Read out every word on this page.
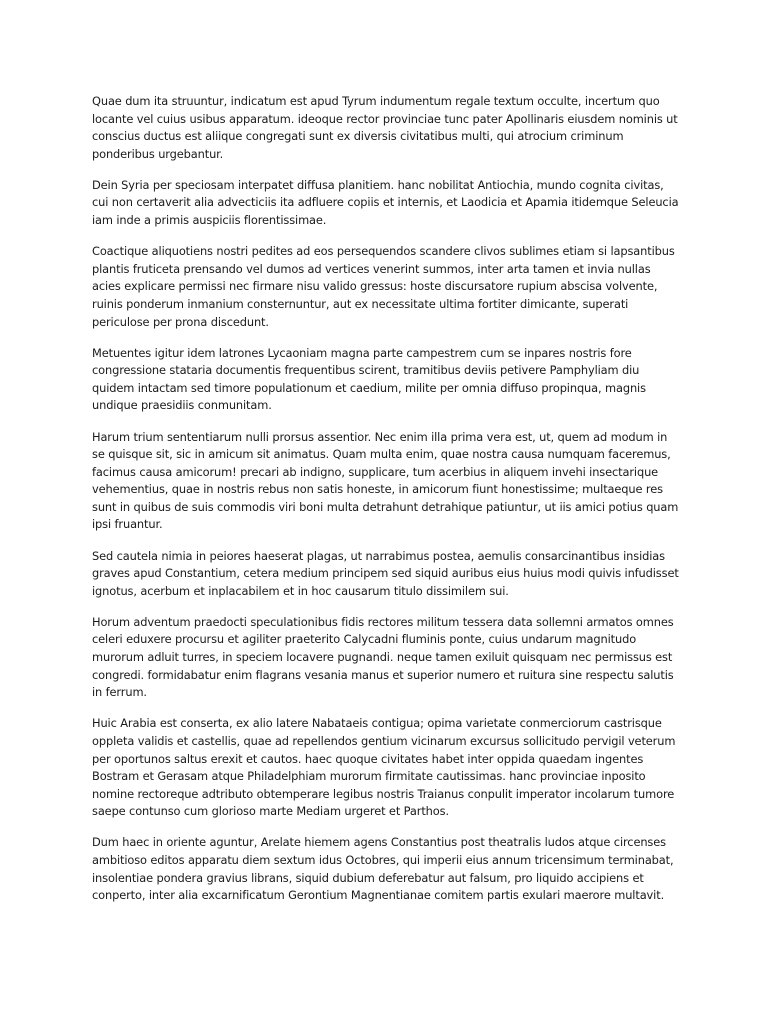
Quae dum ita struuntur, indicatum est apud Tyrum indumentum regale textum occulte, incertum quo locante vel cuius usibus apparatum. ideoque rector provinciae tunc pater Apollinaris eiusdem nominis ut conscius ductus est aliique congregati sunt ex diversis civitatibus multi, qui atrocium criminum ponderibus urgebantur.

Dein Syria per speciosam interpatet diffusa planitiem. hanc nobilitat Antiochia, mundo cognita civitas, cui non certaverit alia advecticiis ita adfluere copiis et internis, et Laodicia et Apamia itidemque Seleucia iam inde a primis auspiciis florentissimae.

Coactique aliquotiens nostri pedites ad eos persequendos scandere clivos sublimes etiam si lapsantibus plantis fruticeta prensando vel dumos ad vertices venerint summos, inter arta tamen et invia nullas acies explicare permissi nec firmare nisu valido gressus: hoste discursatore rupium abscisa volvente, ruinis ponderum inmanium consternuntur, aut ex necessitate ultima fortiter dimicante, superati periculose per prona discedunt.

Metuentes igitur idem latrones Lycaoniam magna parte campestrem cum se inpares nostris fore congressione stataria documentis frequentibus scirent, tramitibus deviis petivere Pamphyliam diu quidem intactam sed timore populationum et caedium, milite per omnia diffuso propinqua, magnis undique praesidiis conmunitam.

Harum trium sententiarum nulli prorsus assentior. Nec enim illa prima vera est, ut, quem ad modum in se quisque sit, sic in amicum sit animatus. Quam multa enim, quae nostra causa numquam faceremus, facimus causa amicorum! precari ab indigno, supplicare, tum acerbius in aliquem invehi insectarique vehementius, quae in nostris rebus non satis honeste, in amicorum fiunt honestissime; multaeque res sunt in quibus de suis commodis viri boni multa detrahunt detrahique patiuntur, ut iis amici potius quam ipsi fruantur.

Sed cautela nimia in peiores haeserat plagas, ut narrabimus postea, aemulis consarcinantibus insidias graves apud Constantium, cetera medium principem sed siquid auribus eius huius modi quivis infudisset ignotus, acerbum et inplacabilem et in hoc causarum titulo dissimilem sui.

Horum adventum praedocti speculationibus fidis rectores militum tessera data sollemni armatos omnes celeri eduxere procursu et agiliter praeterito Calycadni fluminis ponte, cuius undarum magnitudo murorum adluit turres, in speciem locavere pugnandi. neque tamen exiluit quisquam nec permissus est congredi. formidabatur enim flagrans vesania manus et superior numero et ruitura sine respectu salutis in ferrum.

Huic Arabia est conserta, ex alio latere Nabataeis contigua; opima varietate conmerciorum castrisque oppleta validis et castellis, quae ad repellendos gentium vicinarum excursus sollicitudo pervigil veterum per oportunos saltus erexit et cautos. haec quoque civitates habet inter oppida quaedam ingentes Bostram et Gerasam atque Philadelphiam murorum firmitate cautissimas. hanc provinciae inposito nomine rectoreque adtributo obtemperare legibus nostris Traianus conpulit imperator incolarum tumore saepe contunso cum glorioso marte Mediam urgeret et Parthos.

Dum haec in oriente aguntur, Arelate hiemem agens Constantius post theatralis ludos atque circenses ambitioso editos apparatu diem sextum idus Octobres, qui imperii eius annum tricensimum terminabat, insolentiae pondera gravius librans, siquid dubium deferebatur aut falsum, pro liquido accipiens et conperto, inter alia excarnificatum Gerontium Magnentianae comitem partis exulari maerore multavit.
